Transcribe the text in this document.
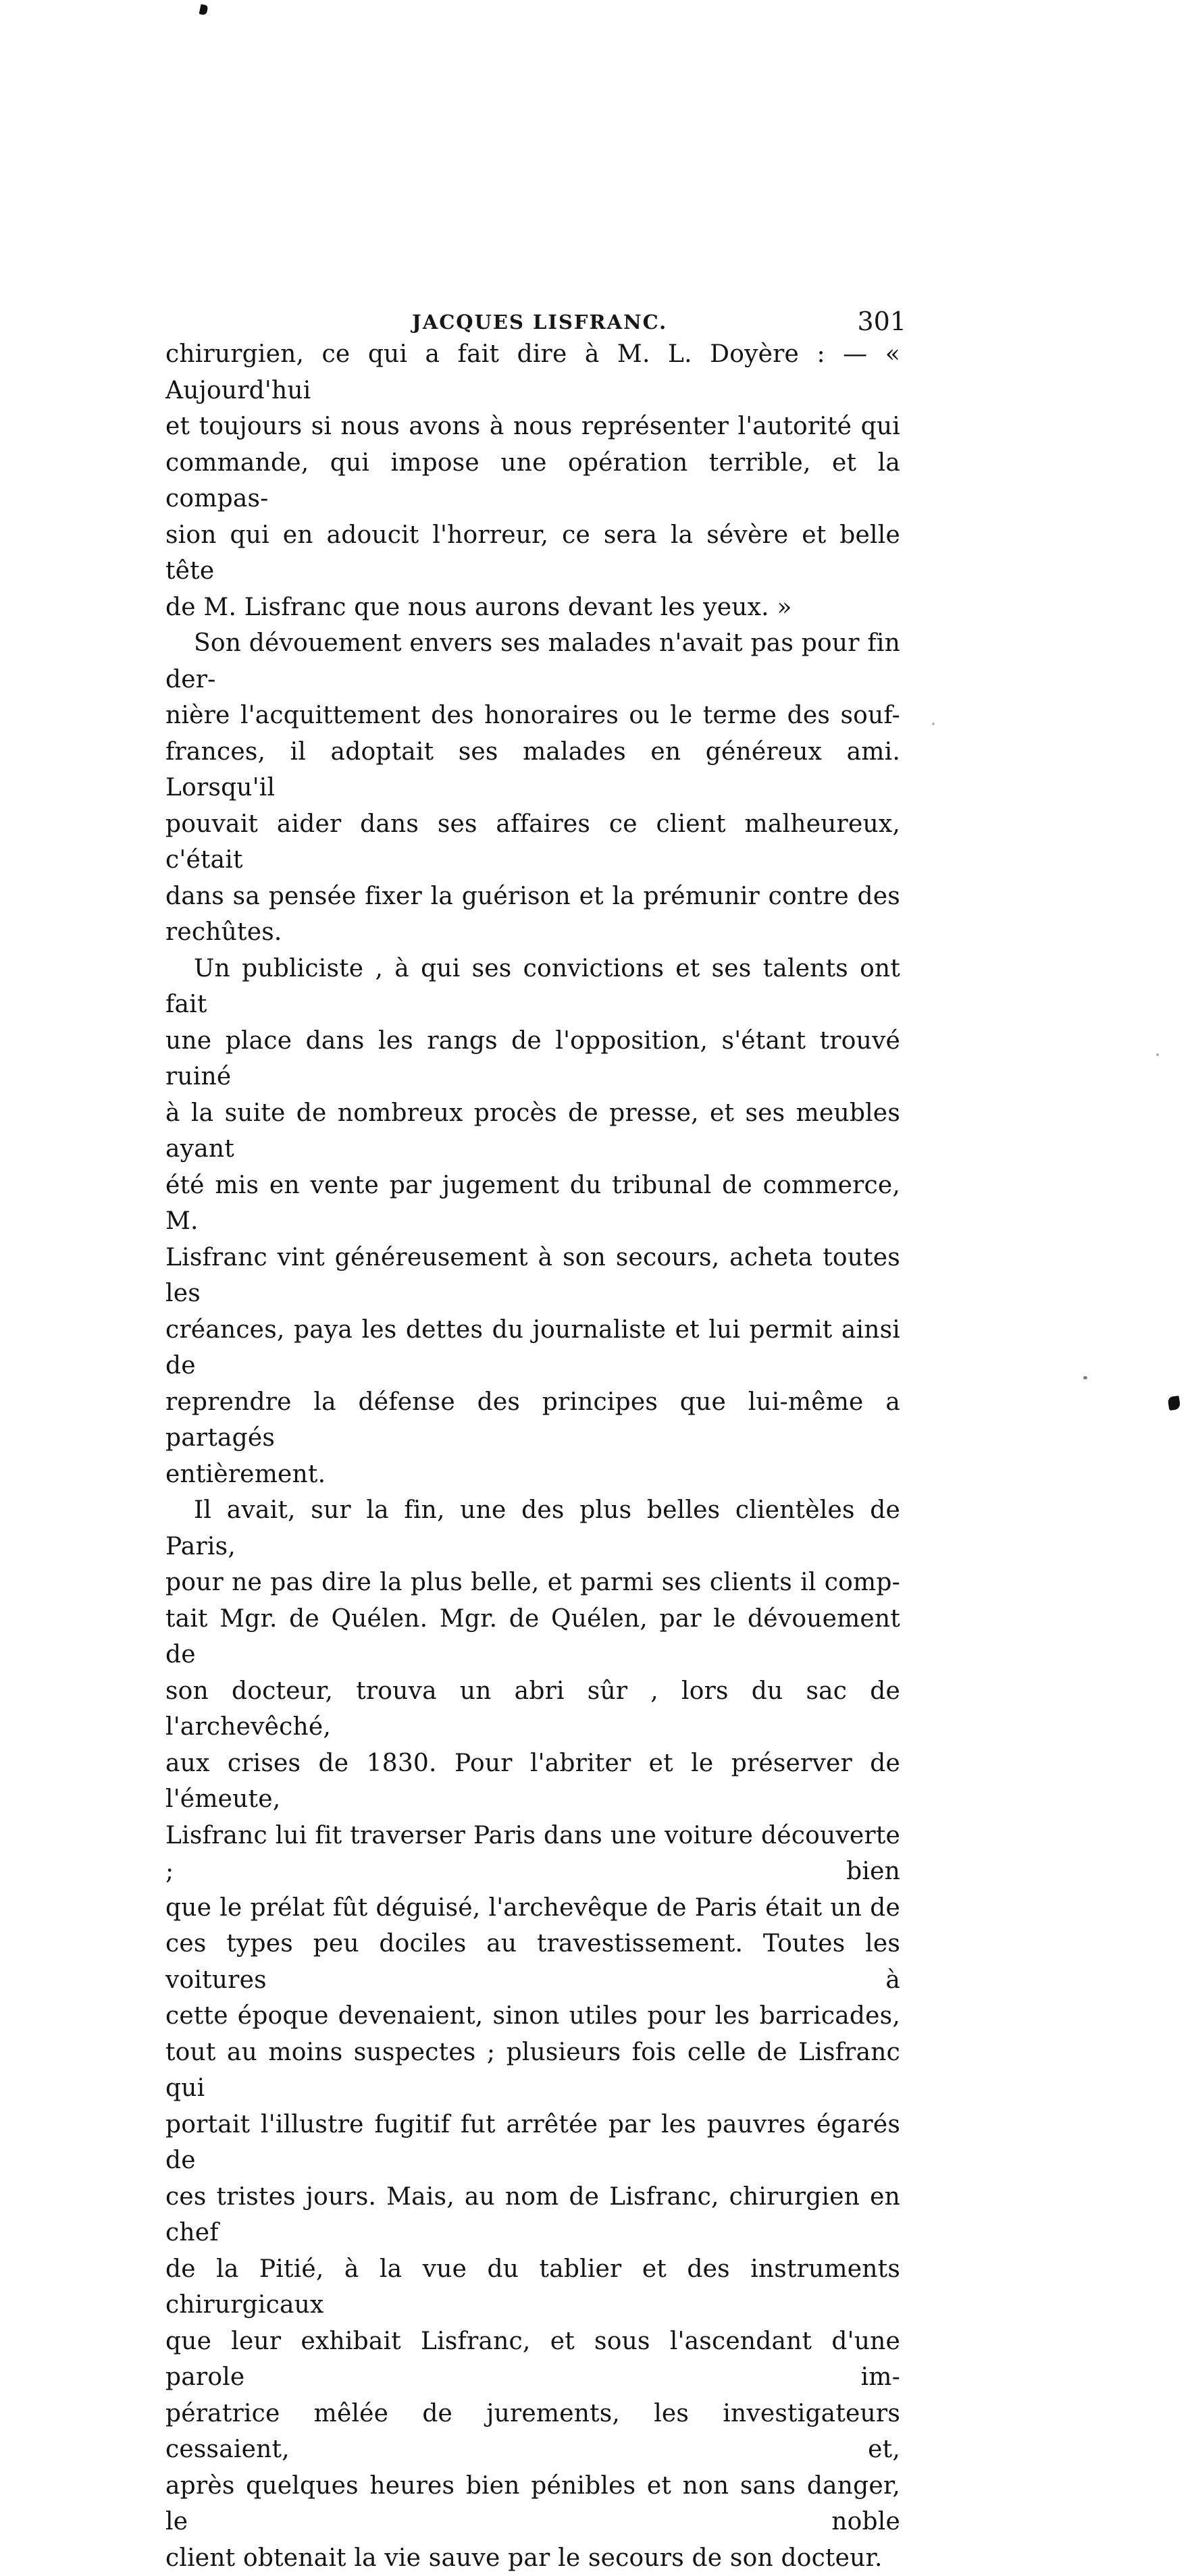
JACQUES LISFRANC.	301
chirurgien, ce qui a fait dire à M. L. Doyère : — « Aujourd'hui
et toujours si nous avons à nous représenter l'autorité qui
commande, qui impose une opération terrible, et la compas-
sion qui en adoucit l'horreur, ce sera la sévère et belle tête
de M. Lisfranc que nous aurons devant les yeux. »
Son dévouement envers ses malades n'avait pas pour fin der-
nière l'acquittement des honoraires ou le terme des souf-
frances, il adoptait ses malades en généreux ami. Lorsqu'il
pouvait aider dans ses affaires ce client malheureux, c'était
dans sa pensée fixer la guérison et la prémunir contre des
rechûtes.
Un publiciste , à qui ses convictions et ses talents ont fait
une place dans les rangs de l'opposition, s'étant trouvé ruiné
à la suite de nombreux procès de presse, et ses meubles ayant
été mis en vente par jugement du tribunal de commerce, M.
Lisfranc vint généreusement à son secours, acheta toutes les
créances, paya les dettes du journaliste et lui permit ainsi de
reprendre la défense des principes que lui-même a partagés
entièrement.
Il avait, sur la fin, une des plus belles clientèles de Paris,
pour ne pas dire la plus belle, et parmi ses clients il comp-
tait Mgr. de Quélen. Mgr. de Quélen, par le dévouement de
son docteur, trouva un abri sûr , lors du sac de l'archevêché,
aux crises de 1830. Pour l'abriter et le préserver de l'émeute,
Lisfranc lui fit traverser Paris dans une voiture découverte ; bien
que le prélat fût déguisé, l'archevêque de Paris était un de
ces types peu dociles au travestissement. Toutes les voitures à
cette époque devenaient, sinon utiles pour les barricades,
tout au moins suspectes ; plusieurs fois celle de Lisfranc qui
portait l'illustre fugitif fut arrêtée par les pauvres égarés de
ces tristes jours. Mais, au nom de Lisfranc, chirurgien en chef
de la Pitié, à la vue du tablier et des instruments chirurgicaux
que leur exhibait Lisfranc, et sous l'ascendant d'une parole im-
pératrice mêlée de jurements, les investigateurs cessaient, et,
après quelques heures bien pénibles et non sans danger, le noble
client obtenait la vie sauve par le secours de son docteur.
